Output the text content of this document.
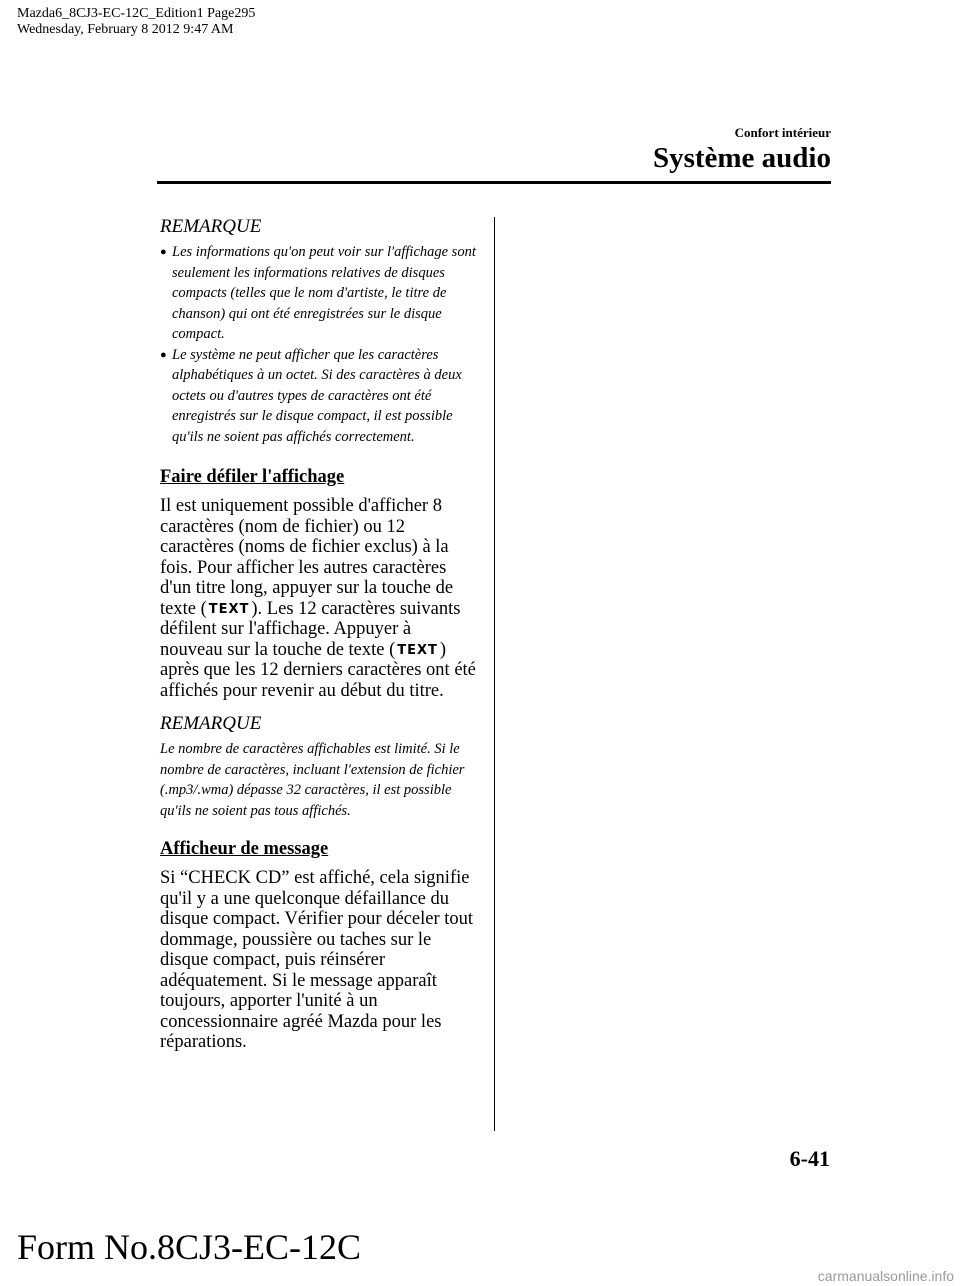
Mazda6_8CJ3-EC-12C_Edition1 Page295
Wednesday, February 8 2012 9:47 AM
Confort intérieur
Système audio

REMARQUE

● Les informations qu'on peut voir sur l'affichage sont seulement les informations relatives de disques compacts (telles que le nom d'artiste, le titre de chanson) qui ont été enregistrées sur le disque compact.
● Le système ne peut afficher que les caractères alphabétiques à un octet. Si des caractères à deux octets ou d'autres types de caractères ont été enregistrés sur le disque compact, il est possible qu'ils ne soient pas affichés correctement.
Faire défiler l'affichage

Il est uniquement possible d'afficher 8 caractères (nom de fichier) ou 12 caractères (noms de fichier exclus) à la fois. Pour afficher les autres caractères d'un titre long, appuyer sur la touche de texte ( TEXT ). Les 12 caractères suivants défilent sur l'affichage. Appuyer à nouveau sur la touche de texte ( TEXT ) après que les 12 derniers caractères ont été affichés pour revenir au début du titre.

REMARQUE

Le nombre de caractères affichables est limité. Si le nombre de caractères, incluant l'extension de fichier (.mp3/.wma) dépasse 32 caractères, il est possible qu'ils ne soient pas tous affichés.

Afficheur de message

Si “CHECK CD” est affiché, cela signifie qu'il y a une quelconque défaillance du disque compact. Vérifier pour déceler tout dommage, poussière ou taches sur le disque compact, puis réinsérer adéquatement. Si le message apparaît toujours, apporter l'unité à un concessionnaire agréé Mazda pour les réparations.

6-41
Form No.8CJ3-EC-12C
carmanualsonline.info
